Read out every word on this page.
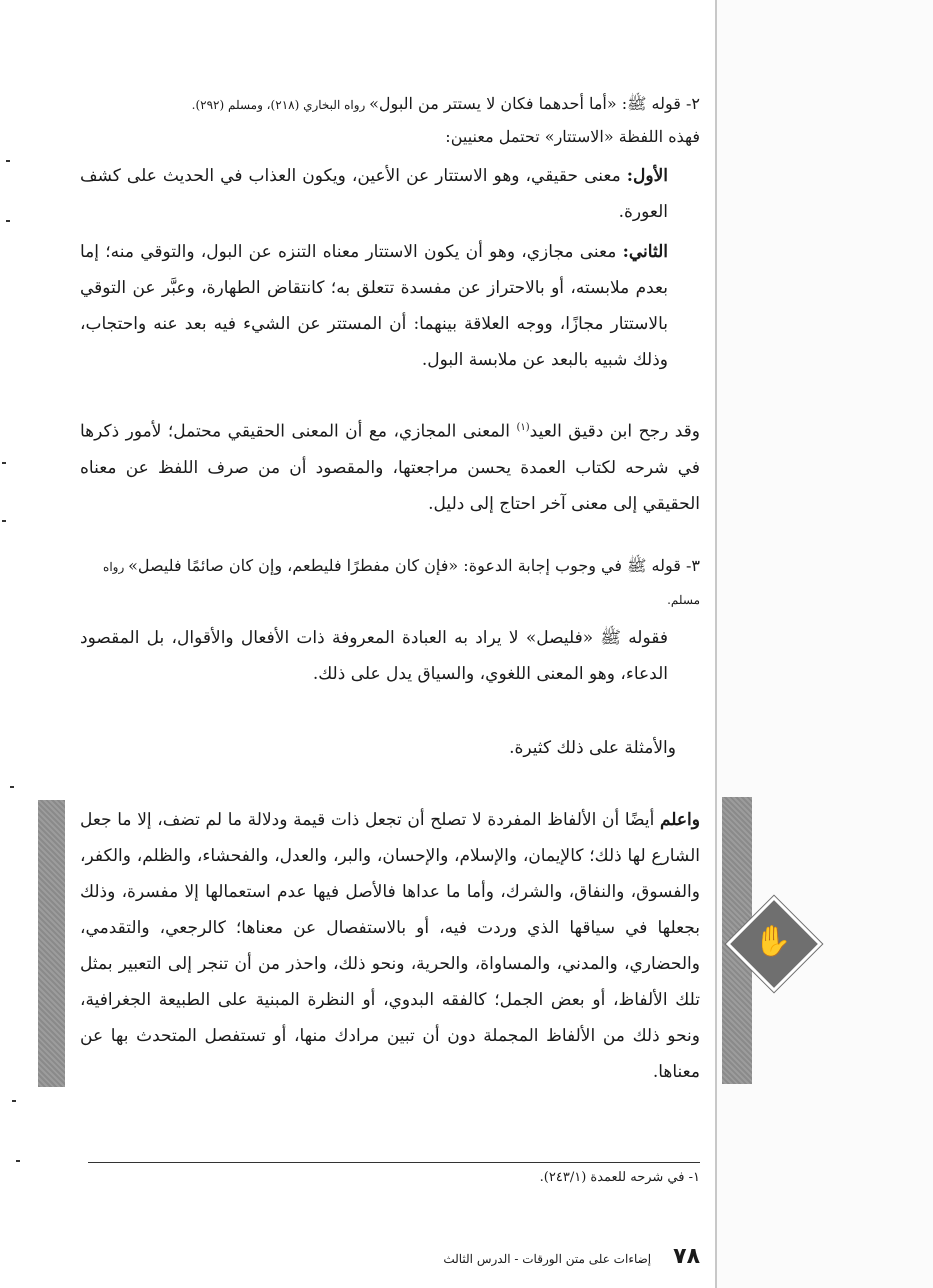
٢- قوله ﷺ: «أما أحدهما فكان لا يستتر من البول» رواه البخاري (٢١٨)، ومسلم (٢٩٢).

فهذه اللفظة «الاستتار» تحتمل معنيين:

الأول: معنى حقيقي، وهو الاستتار عن الأعين، ويكون العذاب في الحديث على كشف العورة.

الثاني: معنى مجازي، وهو أن يكون الاستتار معناه التنزه عن البول، والتوقي منه؛ إما بعدم ملابسته، أو بالاحتراز عن مفسدة تتعلق به؛ كانتقاض الطهارة، وعبَّر عن التوقي بالاستتار مجازًا، ووجه العلاقة بينهما: أن المستتر عن الشيء فيه بعد عنه واحتجاب، وذلك شبيه بالبعد عن ملابسة البول.

وقد رجح ابن دقيق العيد$^{(١)}$ المعنى المجازي، مع أن المعنى الحقيقي محتمل؛ لأمور ذكرها في شرحه لكتاب العمدة يحسن مراجعتها، والمقصود أن من صرف اللفظ عن معناه الحقيقي إلى معنى آخر احتاج إلى دليل.

٣- قوله ﷺ في وجوب إجابة الدعوة: «فإن كان مفطرًا فليطعم، وإن كان صائمًا فليصل» رواه مسلم.

فقوله ﷺ «فليصل» لا يراد به العبادة المعروفة ذات الأفعال والأقوال، بل المقصود الدعاء، وهو المعنى اللغوي، والسياق يدل على ذلك.

والأمثلة على ذلك كثيرة.

✋

واعلم أيضًا أن الألفاظ المفردة لا تصلح أن تجعل ذات قيمة ودلالة ما لم تضف، إلا ما جعل الشارع لها ذلك؛ كالإيمان، والإسلام، والإحسان، والبر، والعدل، والفحشاء، والظلم، والكفر، والفسوق، والنفاق، والشرك، وأما ما عداها فالأصل فيها عدم استعمالها إلا مفسرة، وذلك بجعلها في سياقها الذي وردت فيه، أو بالاستفصال عن معناها؛ كالرجعي، والتقدمي، والحضاري، والمدني، والمساواة، والحرية، ونحو ذلك، واحذر من أن تنجر إلى التعبير بمثل تلك الألفاظ، أو بعض الجمل؛ كالفقه البدوي، أو النظرة المبنية على الطبيعة الجغرافية، ونحو ذلك من الألفاظ المجملة دون أن تبين مرادك منها، أو تستفصل المتحدث بها عن معناها.

١- في شرحه للعمدة (٢٤٣/١).
٧٨
إضاءات على متن الورقات - الدرس الثالث
